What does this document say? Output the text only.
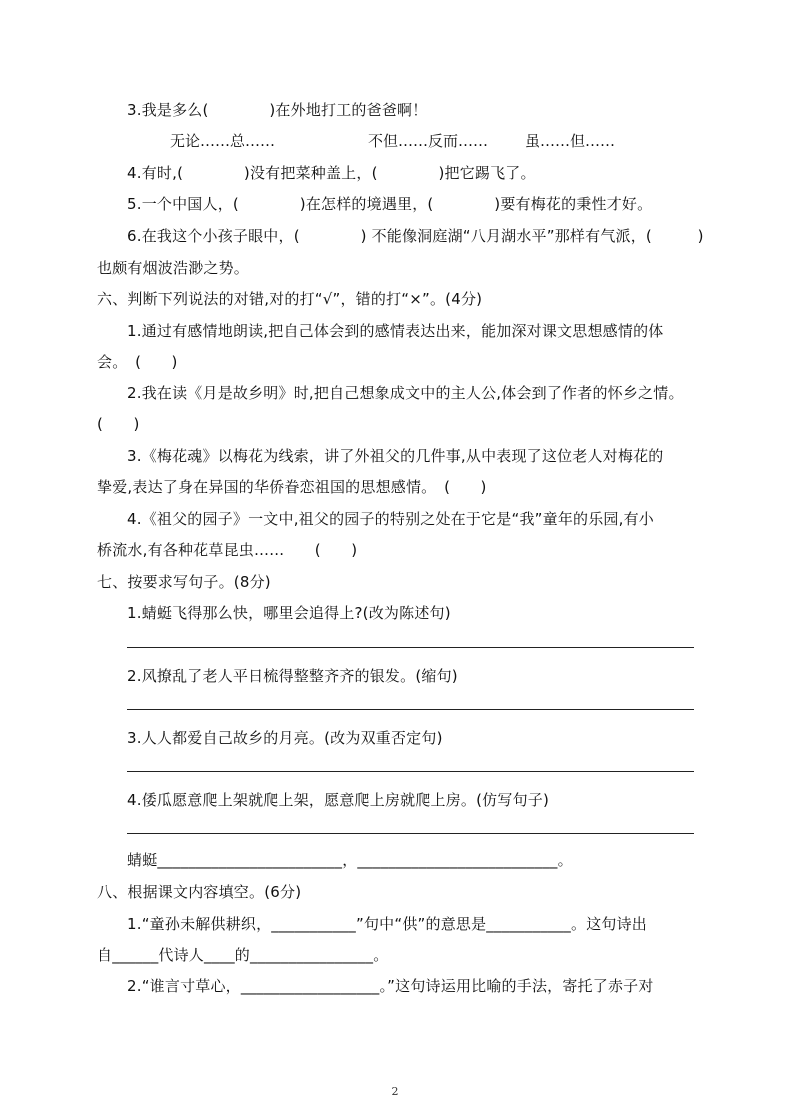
3.我是多么(　　　　)在外地打工的爸爸啊！
无论……总……	不但……反而…… 虽……但……
4.有时,(　　　　)没有把菜种盖上，(　　　　)把它踢飞了。
5.一个中国人，(　　　　)在怎样的境遇里，(　　　　)要有梅花的秉性才好。
6.在我这个小孩子眼中，(　　　　) 不能像洞庭湖“八月湖水平”那样有气派，(　　　)
也颇有烟波浩渺之势。
六、判断下列说法的对错,对的打“√”，错的打“×”。(4分)
1.通过有感情地朗读,把自己体会到的感情表达出来，能加深对课文思想感情的体
会。　(　　)
2.我在读《月是故乡明》时,把自己想象成文中的主人公,体会到了作者的怀乡之情。
(　　)
3.《梅花魂》以梅花为线索，讲了外祖父的几件事,从中表现了这位老人对梅花的
挚爱,表达了身在异国的华侨眷恋祖国的思想感情。　(　　)
4.《祖父的园子》一文中,祖父的园子的特别之处在于它是“我”童年的乐园,有小
桥流水,有各种花草昆虫……　　(　　)
七、按要求写句子。(8分)
1.蜻蜓飞得那么快，哪里会追得上?(改为陈述句)
2.风撩乱了老人平日梳得整整齐齐的银发。(缩句)
3.人人都爱自己故乡的月亮。(改为双重否定句)
4.倭瓜愿意爬上架就爬上架，愿意爬上房就爬上房。(仿写句子)
蜻蜓________________________，__________________________。
八、根据课文内容填空。(6分)
1.“童孙未解供耕织，___________”句中“供”的意思是___________。这句诗出
自______代诗人____的________________。
2.“谁言寸草心，__________________。”这句诗运用比喻的手法，寄托了赤子对
2
